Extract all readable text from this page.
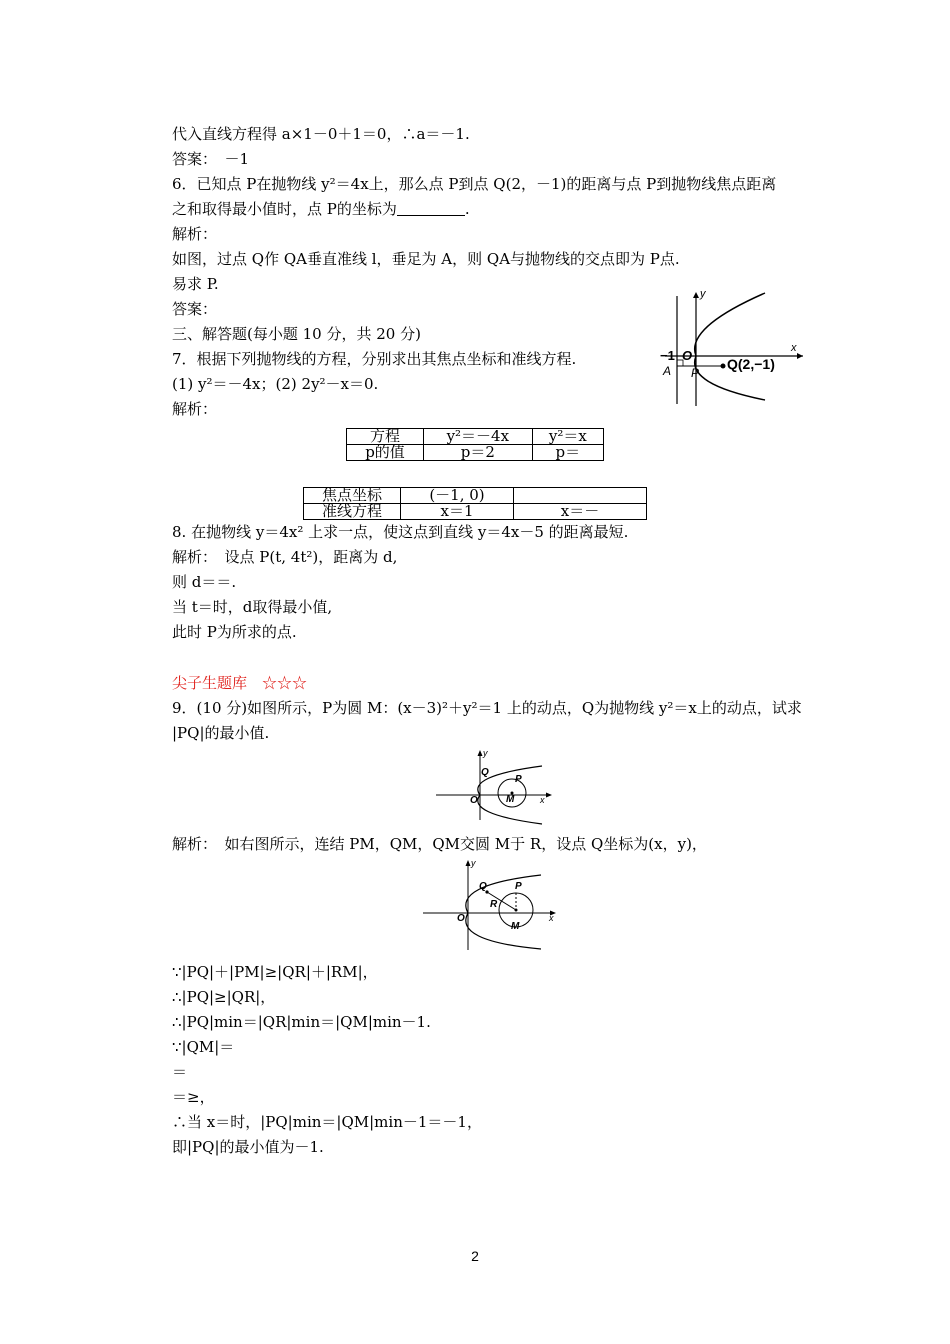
代入直线方程得 a×1－0＋1＝0，∴a＝－1.
答案：　－1
6．已知点 P在抛物线 y²＝4x上，那么点 P到点 Q(2，－1)的距离与点 P到抛物线焦点距离
之和取得最小值时，点 P的坐标为	.
解析：
如图，过点 Q作 QA垂直准线 l，垂足为 A，则 QA与抛物线的交点即为 P点.
易求 P.
答案：
三、解答题(每小题 10 分，共 20 分)
7．根据下列抛物线的方程，分别求出其焦点坐标和准线方程.
(1) y²＝－4x；(2) 2y²－x＝0.
解析：
y
x
−1 O
A P
Q(2,−1)
方程	y²＝－4x	y²＝x
p的值	p＝2	p＝
焦点坐标	(－1, 0)	
准线方程	x＝1	x＝－
8. 在抛物线 y＝4x² 上求一点，使这点到直线 y＝4x－5 的距离最短.
解析：　设点 P(t, 4t²)，距离为 d,
则 d＝＝.
当 t＝时，d取得最小值,
此时 P为所求的点.
尖子生题库　☆☆☆
9．(10 分)如图所示，P为圆 M：(x－3)²＋y²＝1 上的动点，Q为抛物线 y²＝x上的动点，试求
|PQ|的最小值.
y
x
O
Q
P
M
解析：　如右图所示，连结 PM，QM，QM交圆 M于 R，设点 Q坐标为(x，y)，
y
x
O
Q	P
R
M
∵|PQ|＋|PM|≥|QR|＋|RM|，
∴|PQ|≥|QR|，
∴|PQ|min＝|QR|min＝|QM|min－1.
∵|QM|＝
＝
＝≥，
∴当 x＝时，|PQ|min＝|QM|min－1＝－1，
即|PQ|的最小值为－1.
2
